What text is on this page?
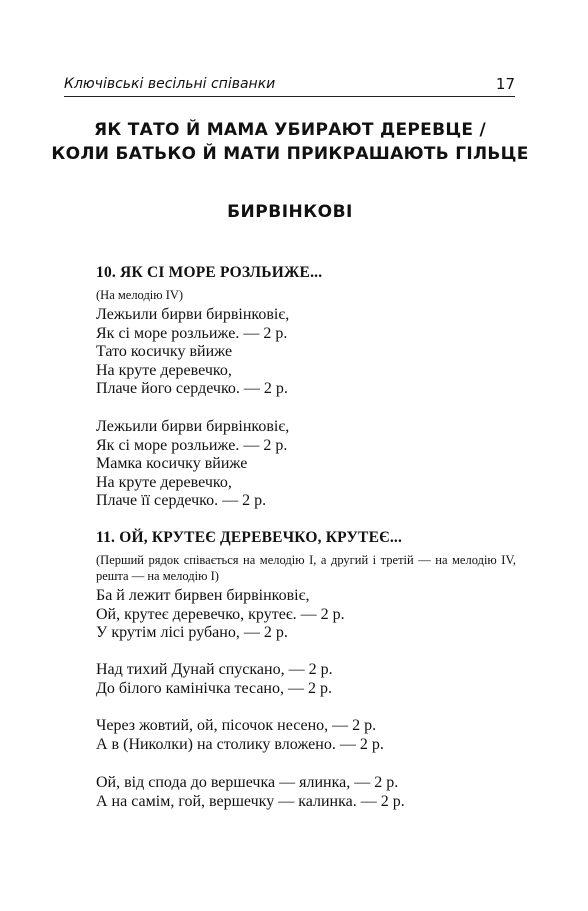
Ключівські весільні співанки	17
ЯК ТАТО Й МАМА УБИРАЮТ ДЕРЕВЦЕ /
КОЛИ БАТЬКО Й МАТИ ПРИКРАШАЮТЬ ГІЛЬЦЕ
БИРВІНКОВІ
10. ЯК СІ МОРЕ РОЗЛЬИЖЕ...
(На мелодію IV)
Лежьили бирви бирвінковіє,
Як сі море розльиже. — 2 р.
Тато косичку вйиже
На круте деревечко,
Плаче його сердечко. — 2 р.
Лежьили бирви бирвінковіє,
Як сі море розльиже. — 2 р.
Мамка косичку вйиже
На круте деревечко,
Плаче її сердечко. — 2 р.
11. ОЙ, КРУТЕЄ ДЕРЕВЕЧКО, КРУТЕЄ...
(Перший рядок співається на мелодію I, а другий і третій — на мелодію IV, решта — на мелодію I)
Ба й лежит бирвен бирвінковіє,
Ой, крутеє деревечко, крутеє. — 2 р.
У крутім лісі рубано, — 2 р.
Над тихий Дунай спускано, — 2 р.
До білого камінічка тесано, — 2 р.
Через жовтий, ой, пісочок несено, — 2 р.
А в (Николки) на столику вложено. — 2 р.
Ой, від спода до вершечка — ялинка, — 2 р.
А на самім, гой, вершечку — калинка. — 2 р.
